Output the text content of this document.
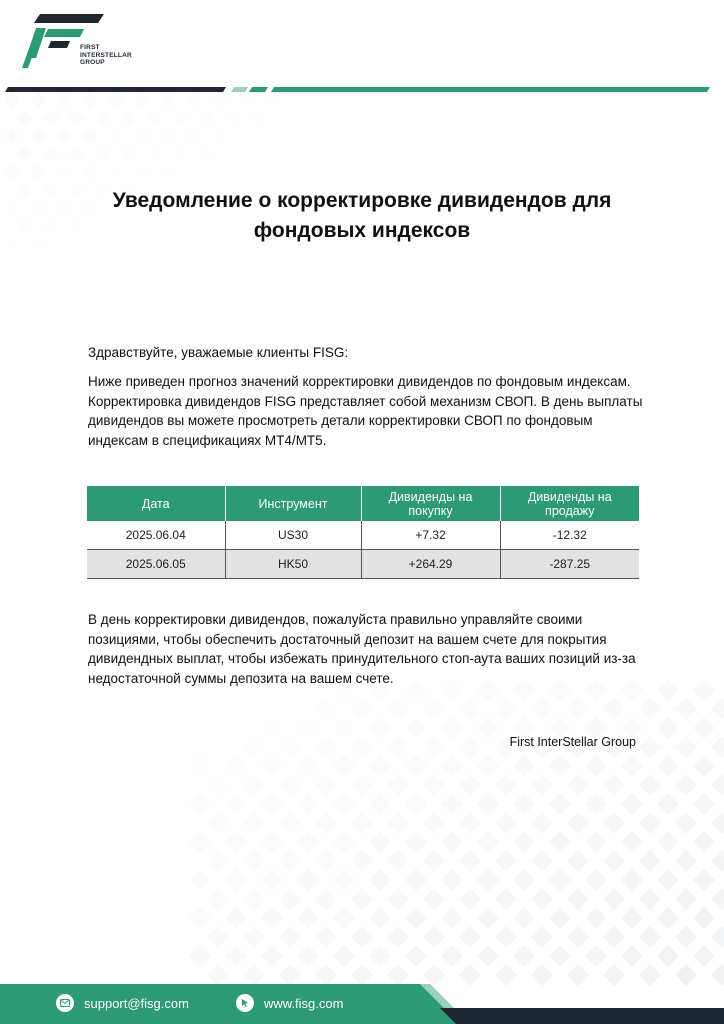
FIRST
INTERSTELLAR
GROUP
Уведомление о корректировке дивидендов для
фондовых индексов
Здравствуйте, уважаемые клиенты FISG:
Ниже приведен прогноз значений корректировки дивидендов по фондовым индексам. Корректировка дивидендов FISG представляет собой механизм СВОП. В день выплаты дивидендов вы можете просмотреть детали корректировки СВОП по фондовым индексам в спецификациях MT4/MT5.
Дата	Инструмент	Дивиденды на покупку	Дивиденды на продажу
2025.06.04	US30	+7.32	-12.32
2025.06.05	HK50	+264.29	-287.25
В день корректировки дивидендов, пожалуйста правильно управляйте своими позициями, чтобы обеспечить достаточный депозит на вашем счете для покрытия дивидендных выплат, чтобы избежать принудительного стоп-аута ваших позиций из-за недостаточной суммы депозита на вашем счете.
First InterStellar Group
support@fisg.com	www.fisg.com
